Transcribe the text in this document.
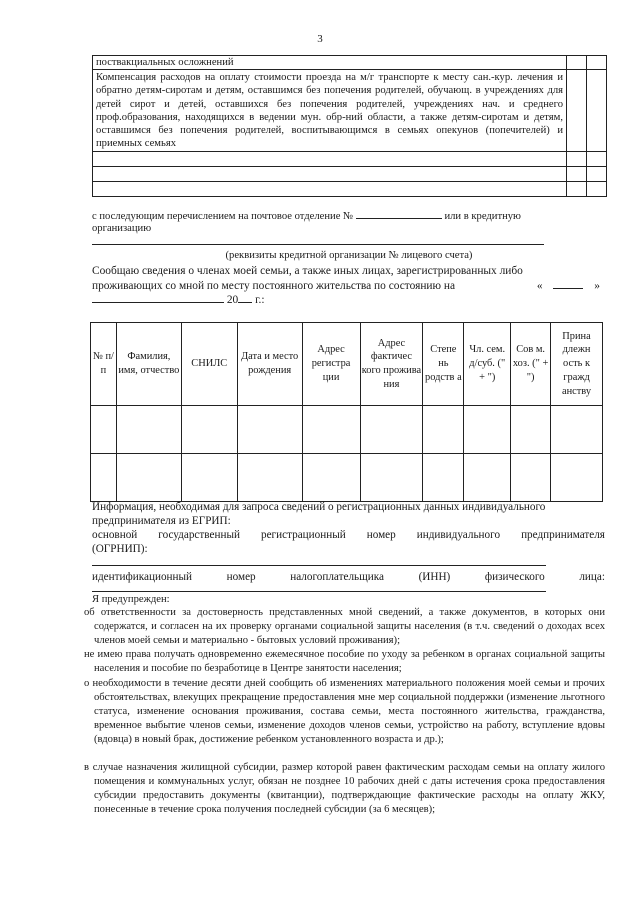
3
поствакциальных осложнений		
Компенсация расходов на оплату стоимости проезда на м/г транспорте к месту сан.-кур. лечения и обратно детям-сиротам и детям, оставшимся без попечения родителей, обучающ. в учреждениях для детей сирот и детей, оставшихся без попечения родителей, учреждениях нач. и среднего проф.образования, находящихся в ведении мун. обр-ний области, а также детям-сиротам и детям, оставшимся без попечения родителей, воспитывающимся в семьях опекунов (попечителей) и приемных семьях		

с последующим перечислением на почтовое отделение №	или в кредитную
организацию
(реквизиты кредитной организации № лицевого счета)
Сообщаю сведения о членах моей семьи, а также иных лицах, зарегистрированных либо
проживающих со мной по месту постоянного жительства по состоянию на	«	»
20 г.:
№ п/п	Фамилия, имя, отчество	СНИЛС	Дата и место рождения	Адрес регистра ции	Адрес фактичес кого прожива ния	Степе нь родств а	Чл. сем. д/суб. (" + ")	Сов м. хоз. (" + ")	Прина длежн ость к гражд анству

Информация, необходимая для запроса сведений о регистрационных данных индивидуального
предпринимателя из ЕГРИП:
основной государственный регистрационный номер индивидуального предпринимателя
(ОГРНИП):
идентификационный	номер	налогоплательщика	(ИНН)	физического	лица:
Я предупрежден:
об ответственности за достоверность представленных мной сведений, а также документов, в которых они содержатся, и согласен на их проверку органами социальной защиты населения (в т.ч. сведений о доходах всех членов моей семьи и материально - бытовых условий проживания);
не имею права получать одновременно ежемесячное пособие по уходу за ребенком в органах социальной защиты населения и пособие по безработице в Центре занятости населения;
о необходимости в течение десяти дней сообщить об изменениях материального положения моей семьи и прочих обстоятельствах, влекущих прекращение предоставления мне мер социальной поддержки (изменение льготного статуса, изменение основания проживания, состава семьи, места постоянного жительства, гражданства, временное выбытие членов семьи, изменение доходов членов семьи, устройство на работу, вступление вдовы (вдовца) в новый брак, достижение ребенком установленного возраста и др.);
в случае назначения жилищной субсидии, размер которой равен фактическим расходам семьи на оплату жилого помещения и коммунальных услуг, обязан не позднее 10 рабочих дней с даты истечения срока предоставления субсидии предоставить документы (квитанции), подтверждающие фактические расходы на оплату ЖКУ, понесенные в течение срока получения последней субсидии (за 6 месяцев);
